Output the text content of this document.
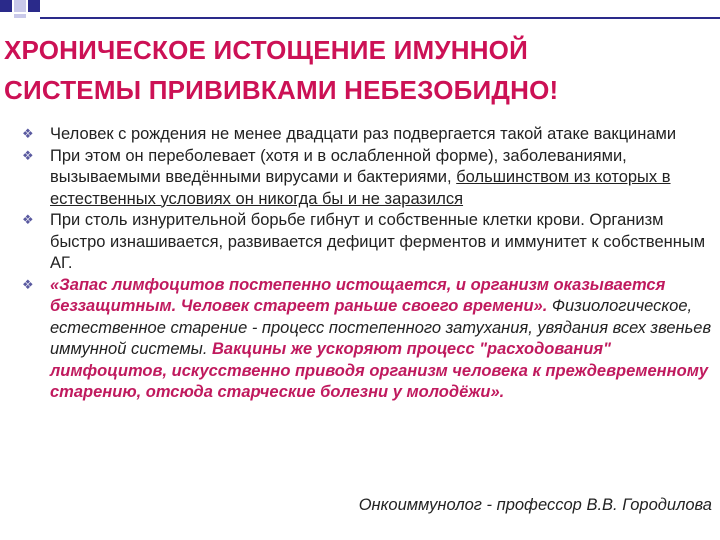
ХРОНИЧЕСКОЕ ИСТОЩЕНИЕ ИМУННОЙ
СИСТЕМЫ ПРИВИВКАМИ НЕБЕЗОБИДНО!
❖ Человек с рождения не менее двадцати раз подвергается такой атаке вакцинами
❖ При этом он переболевает (хотя и в ослабленной форме), заболеваниями, вызываемыми введёнными вирусами и бактериями, большинством из которых в естественных условиях он никогда бы и не заразился
❖ При столь изнурительной борьбе гибнут и собственные клетки крови. Организм быстро изнашивается, развивается дефицит ферментов и иммунитет к собственным АГ.
❖ «Запас лимфоцитов постепенно истощается, и организм оказывается беззащитным. Человек стареет раньше своего времени». Физиологическое, естественное старение - процесс постепенного затухания, увядания всех звеньев иммунной системы. Вакцины же ускоряют процесс "расходования" лимфоцитов, искусственно приводя организм человека к преждевременному старению, отсюда старческие болезни у молодёжи».
Онкоиммунолог - профессор В.В. Городилова
